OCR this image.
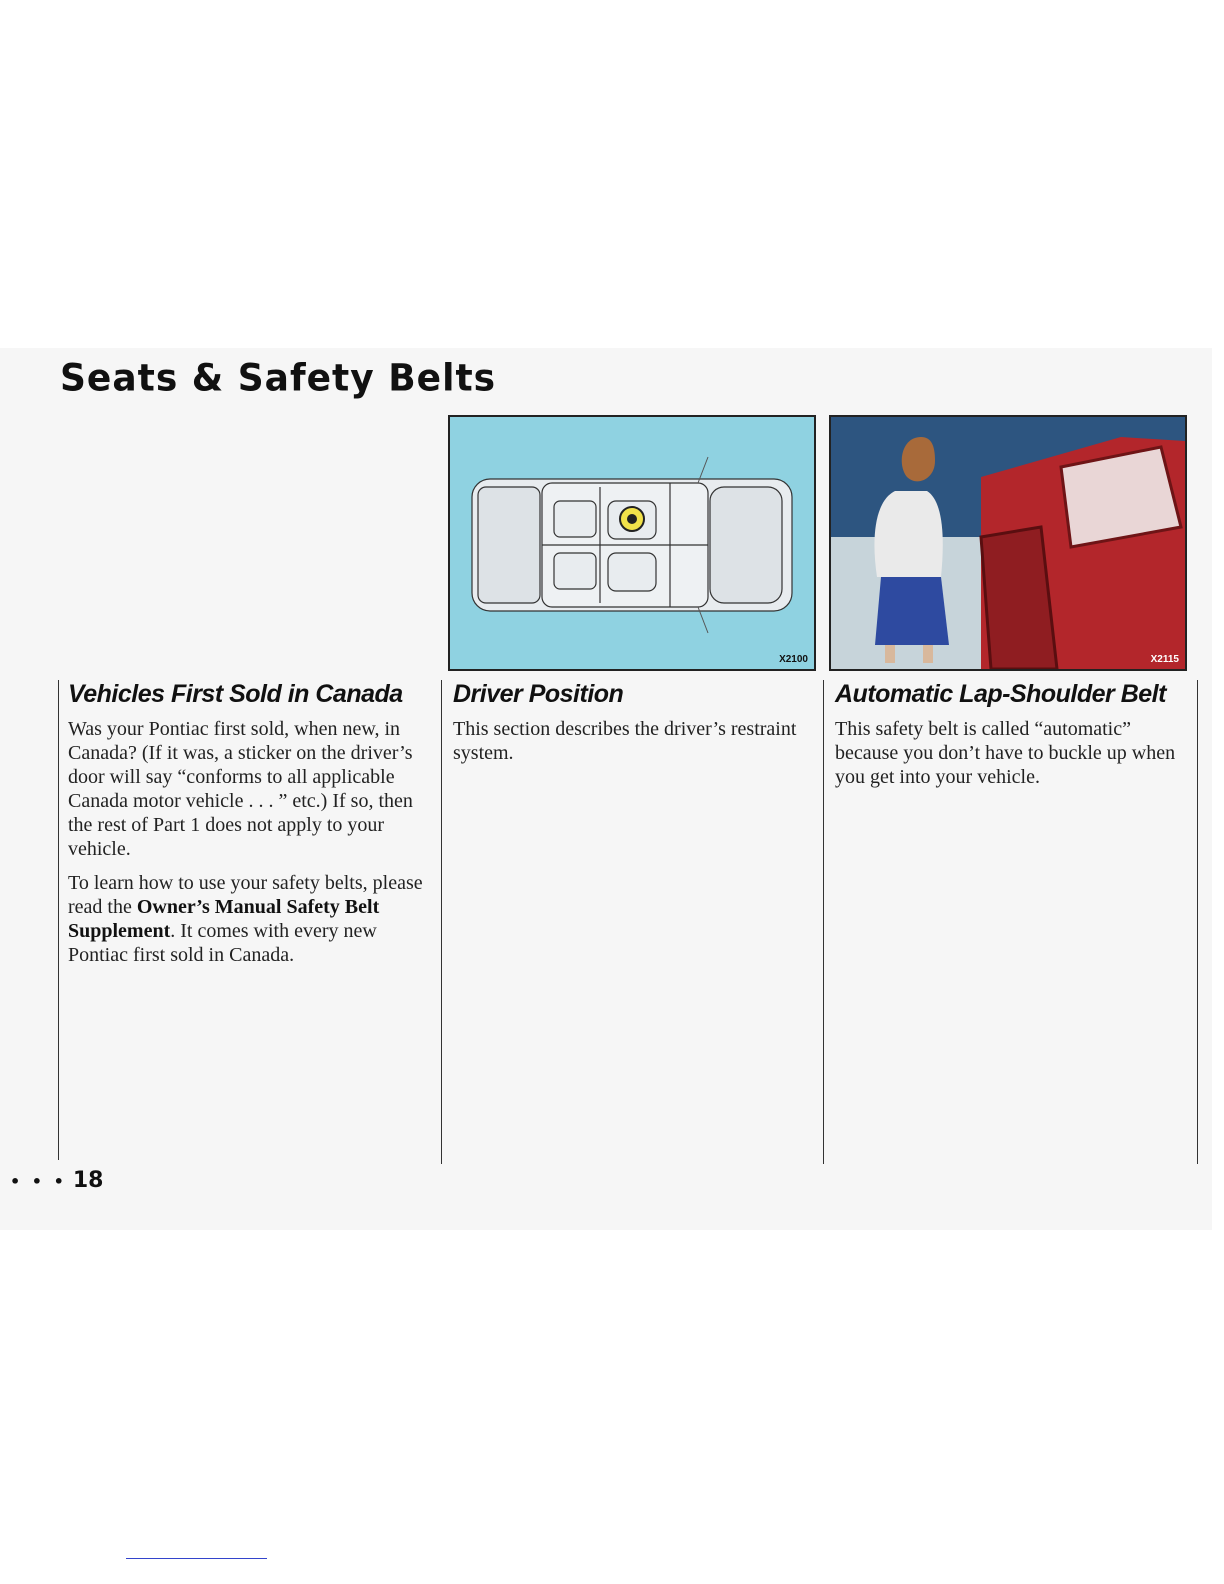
Seats & Safety Belts
X2100	X2115
Vehicles First Sold in Canada

Was your Pontiac first sold, when new, in Canada? (If it was, a sticker on the driver’s door will say “conforms to all applicable Canada motor vehicle . . . ” etc.) If so, then the rest of Part 1 does not apply to your vehicle.

To learn how to use your safety belts, please read the Owner’s Manual Safety Belt Supplement. It comes with every new Pontiac first sold in Canada.

Driver Position

This section describes the driver’s restraint system.

Automatic Lap-Shoulder Belt

This safety belt is called “automatic” because you don’t have to buckle up when you get into your vehicle.

• • • 18
